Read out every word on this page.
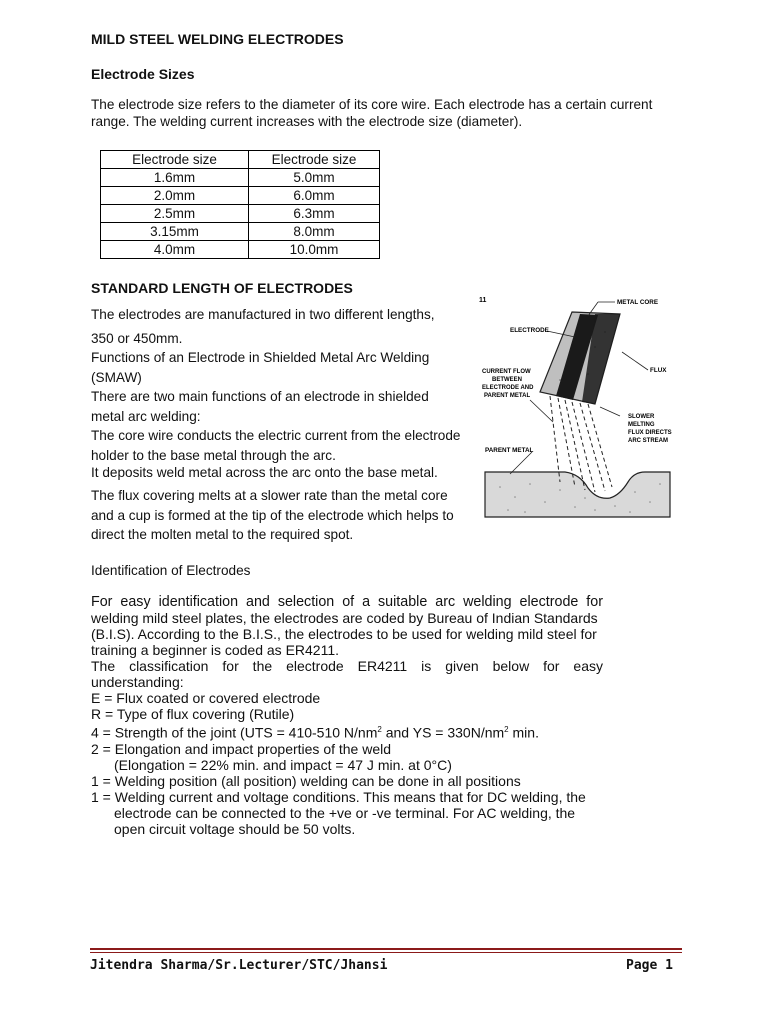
MILD STEEL WELDING ELECTRODES
Electrode Sizes
The electrode size refers to the diameter of its core wire. Each electrode has a certain current range. The welding current increases with the electrode size (diameter).
Electrode size	Electrode size
1.6mm	5.0mm
2.0mm	6.0mm
2.5mm	6.3mm
3.15mm	8.0mm
4.0mm	10.0mm
STANDARD LENGTH OF ELECTRODES
The electrodes are manufactured in two different lengths,
350 or 450mm.
Functions of an Electrode in Shielded Metal Arc Welding (SMAW)
There are two main functions of an electrode in shielded metal arc welding:
The core wire conducts the electric current from the electrode holder to the base metal through the arc.
It deposits weld metal across the arc onto the base metal.
The flux covering melts at a slower rate than the metal core and a cup is formed at the tip of the electrode which helps to direct the molten metal to the required spot.
11	METAL CORE
ELECTRODE
FLUX
CURRENT FLOW
BETWEEN
ELECTRODE AND
PARENT METAL
SLOWER
MELTING
FLUX DIRECTS
ARC STREAM
PARENT METAL
Identification of Electrodes
For easy identification and selection of a suitable arc welding electrode for
welding mild steel plates, the electrodes are coded by Bureau of Indian Standards (B.I.S). According to the B.I.S., the electrodes to be used for welding mild steel for training a beginner is coded as ER4211.
The classification for the electrode ER4211 is given below for easy
understanding:
E = Flux coated or covered electrode
R = Type of flux covering (Rutile)
4 = Strength of the joint (UTS = 410-510 $N/nm^2$ and YS = $330N/nm^2$ min.
2 = Elongation and impact properties of the weld
(Elongation = 22% min. and impact = 47 J min. at 0°C)
1 = Welding position (all position) welding can be done in all positions
1 = Welding current and voltage conditions. This means that for DC welding, the
electrode can be connected to the +ve or -ve terminal. For AC welding, the
open circuit voltage should be 50 volts.
Jitendra Sharma/Sr.Lecturer/STC/Jhansi	Page 1
